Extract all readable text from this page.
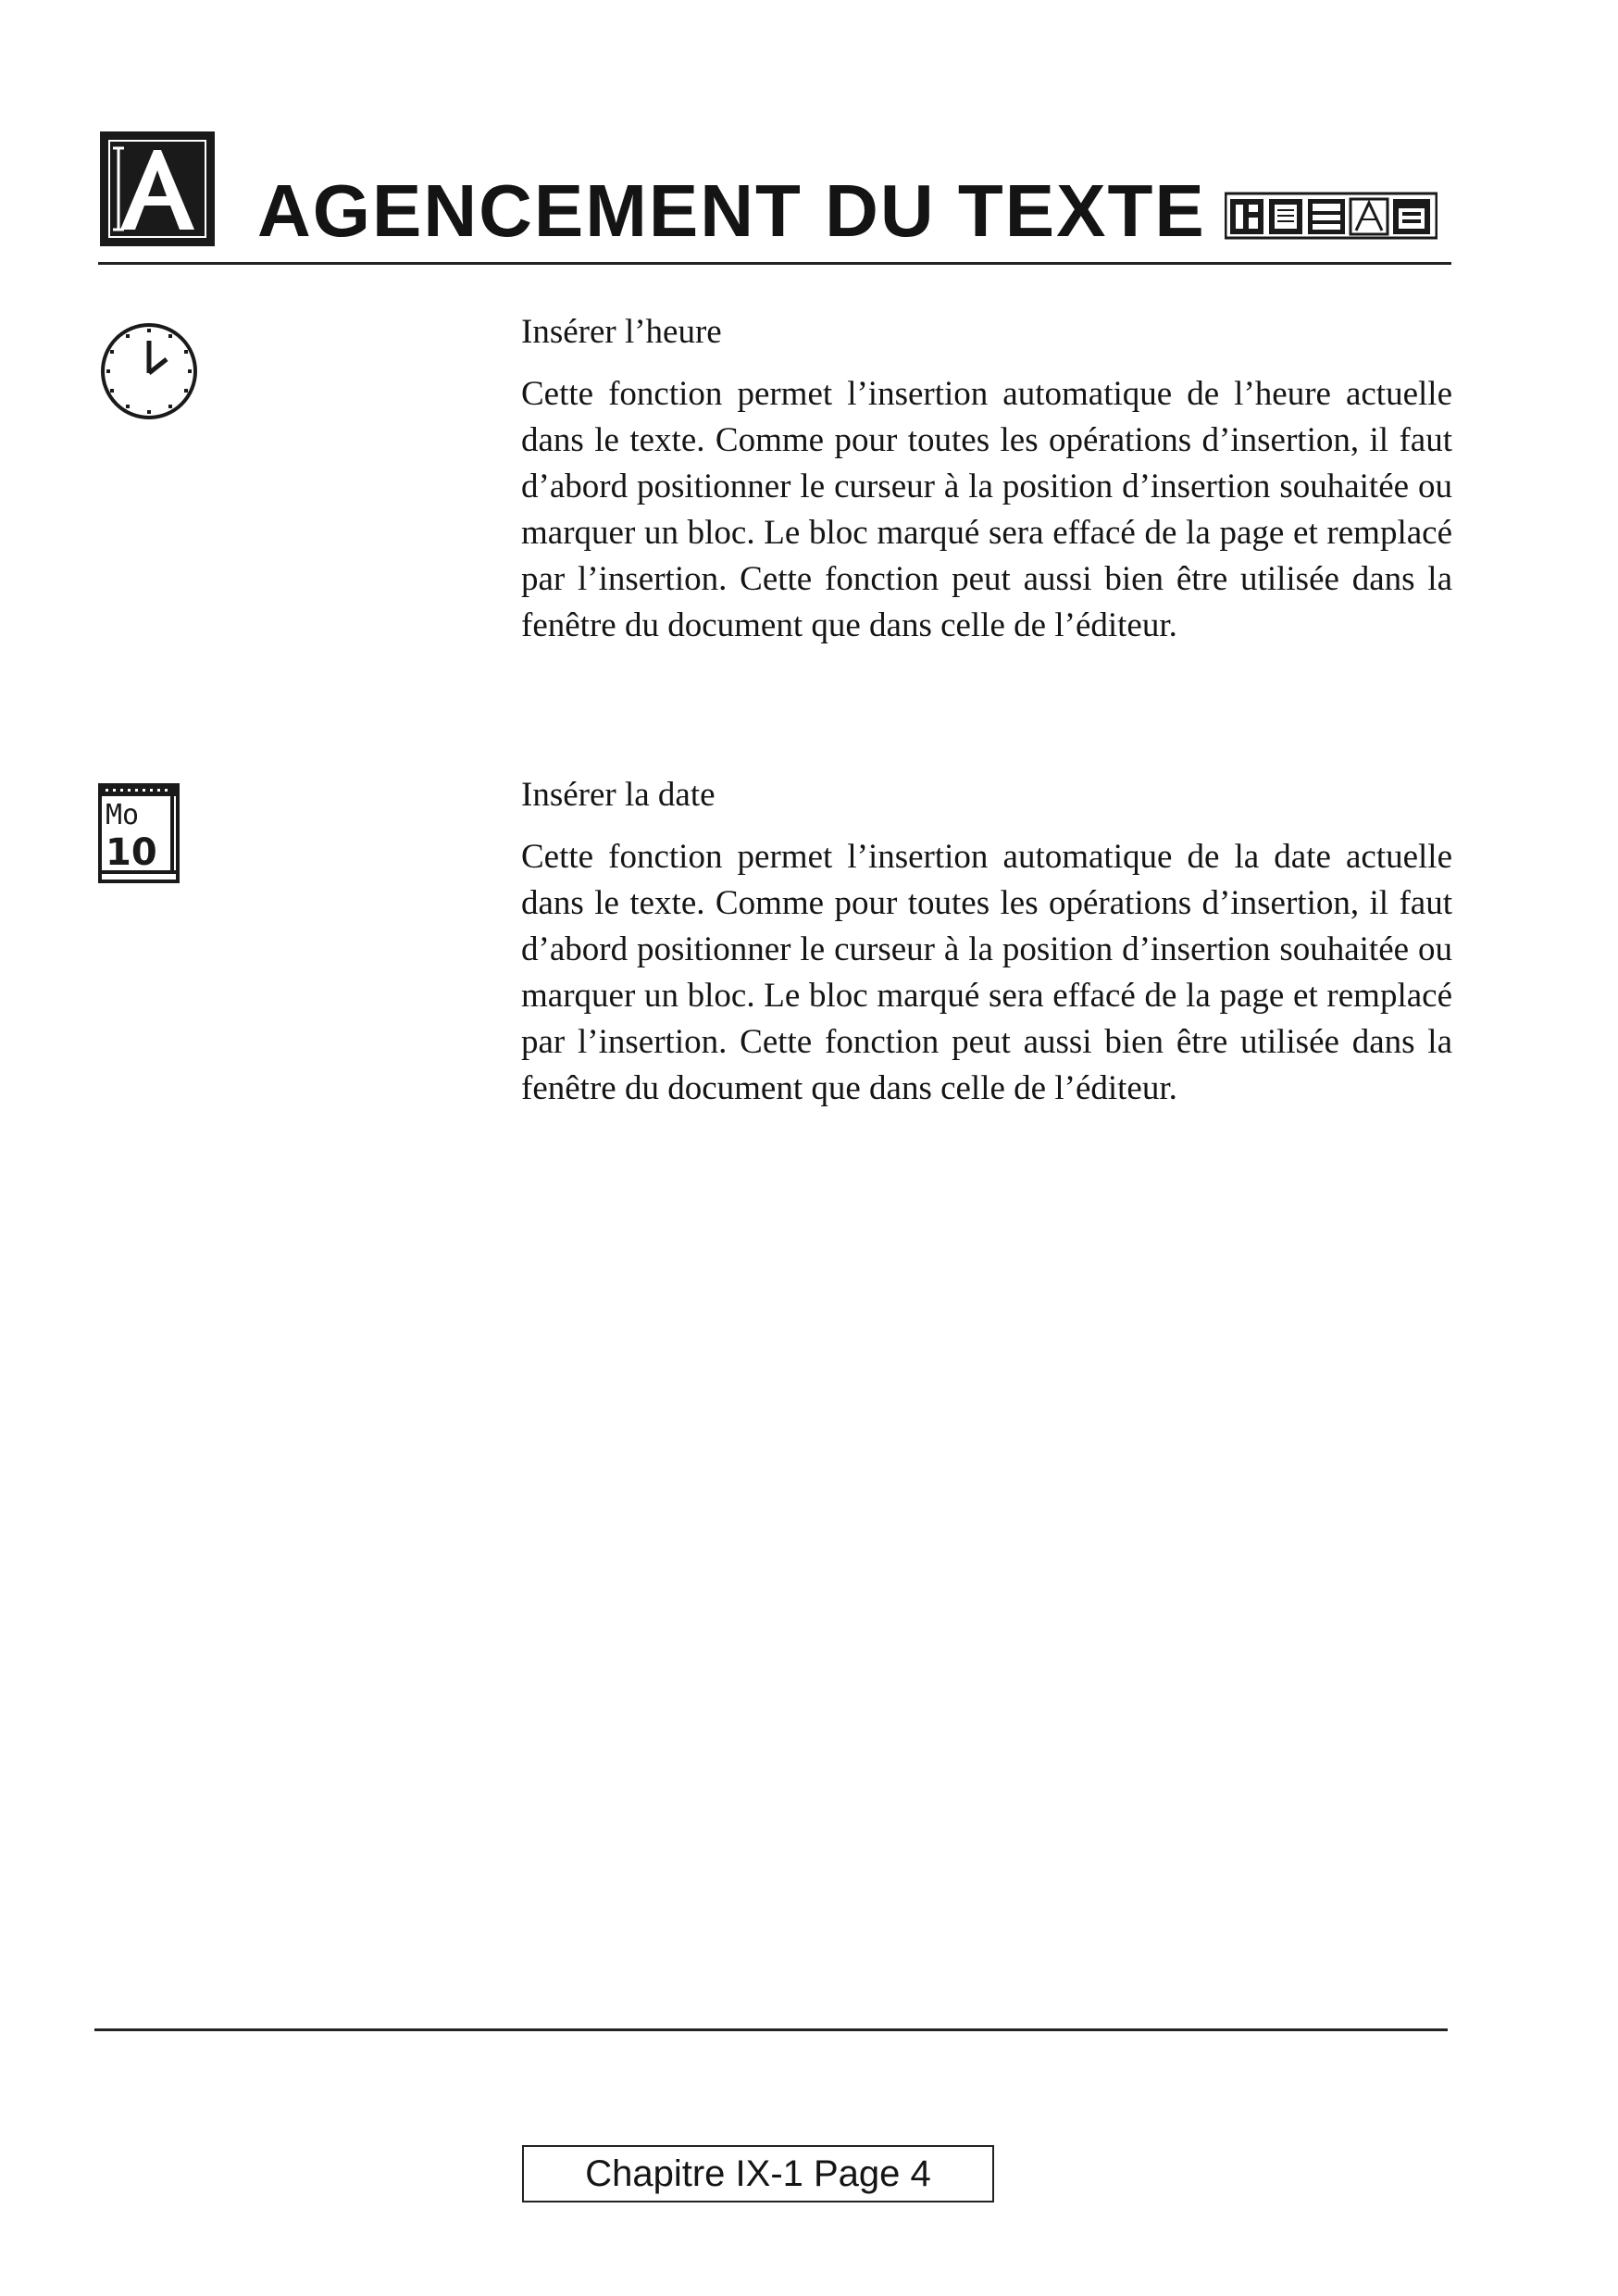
AGENCEMENT DU TEXTE
Insérer l’heure

Cette fonction permet l’insertion automatique de l’heure actuelle dans le texte. Comme pour toutes les opérations d’insertion, il faut d’abord positionner le curseur à la position d’insertion souhaitée ou marquer un bloc. Le bloc marqué sera effacé de la page et remplacé par l’insertion. Cette fonction peut aussi bien être utilisée dans la fenêtre du document que dans celle de l’éditeur.

Mo
10
Insérer la date

Cette fonction permet l’insertion automatique de la date actuelle dans le texte. Comme pour toutes les opérations d’insertion, il faut d’abord positionner le curseur à la position d’insertion souhaitée ou marquer un bloc. Le bloc marqué sera effacé de la page et remplacé par l’insertion. Cette fonction peut aussi bien être utilisée dans la fenêtre du document que dans celle de l’éditeur.

Chapitre IX-1 Page 4
